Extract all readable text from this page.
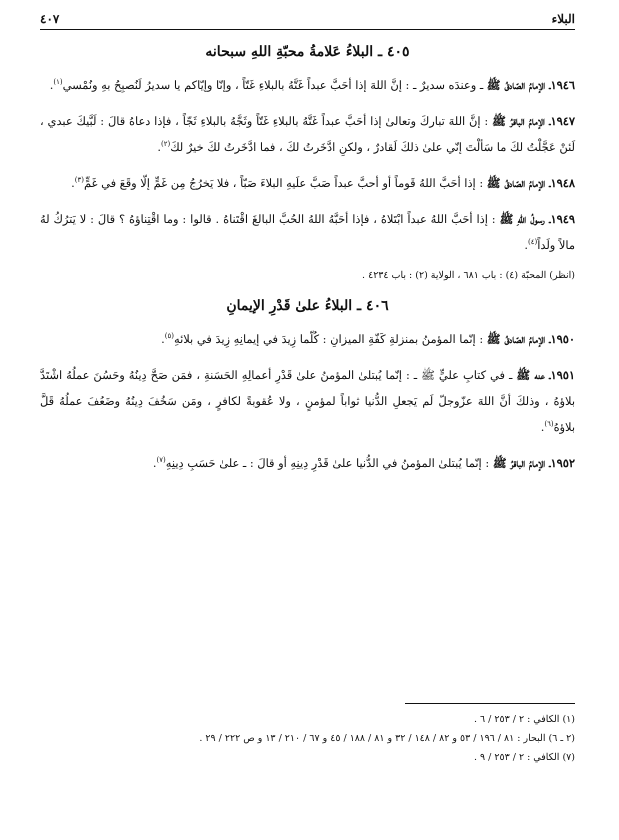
البلاء
٤٠٧
٤٠٥ ـ البلاءُ عَلامةُ محبّةِ اللهِ سبحانه

١٩٤٦ـ الإمامُ الصّادقُ ﷺ ـ وعندَه سديرٌ ـ : إنَّ اللهَ إذا أحَبَّ عبداً غَتَّهُ بالبلاءِ غَتّاً ، وإنّا وإيّاكم يا سديرُ لَنُصبِحُ بهِ ونُمْسي$^{(١)}$.

١٩٤٧ـ الإمامُ الباقرُ ﷺ : إنَّ اللهَ تباركَ وتعالىٰ إذا أحَبَّ عبداً غَتَّهُ بالبلاءِ غَتّاً وثَجَّهُ بالبلاءِ ثَجّاً ، فإذا دعاهُ قالَ : لَبَّيكَ عبدي ، لَئنْ عَجَّلْتُ لكَ ما سَألْتَ إنّي علىٰ ذلكَ لَقادرٌ ، ولكنِ ادَّخَرتُ لكَ ، فما ادَّخَرتُ لكَ خيرٌ لكَ$^{(٢)}$.

١٩٤٨ـ الإمامُ الصّادقُ ﷺ : إذا أحَبَّ اللهُ قَوماً أو أحبَّ عبداً صَبَّ علَيهِ البلاءَ صَبّاً ، فلا يَخرُجُ مِن غَمٍّ إلّا وقَعَ في غَمٍّ$^{(٣)}$.

١٩٤٩ـ رسولُ اللهِ ﷺ : إذا أحَبَّ اللهُ عبداً ابْتَلاهُ ، فإذا أحَبَّهُ اللهُ الحُبَّ البالغَ اقْتَناهُ . قالوا : وما اقْتِناؤهُ ؟ قالَ : لا يَترُكُ لهُ مالاً ولَداً$^{(٤)}$.

(انظر) المحبّة (٤) : باب ٦٨١ ، الولاية (٢) : باب ٤٢٣٤ .

٤٠٦ ـ البلاءُ علىٰ قَدْرِ الإيمانِ

١٩٥٠ـ الإمامُ الصّادقُ ﷺ : إنّما المؤمنُ بمنزلةِ كَفّةِ الميزانِ : كُلّما زِيدَ في إيمانِهِ زِيدَ في بلائهِ$^{(٥)}$.

١٩٥١ـ عنه ﷺ ـ في كتابِ عليٍّ ﷺ ـ : إنّما يُبتلىٰ المؤمنُ علىٰ قَدْرِ أعمالِهِ الحَسَنةِ ، فمَن صَحَّ دِينُهُ وحَسُنَ عملُهُ اشْتَدَّ بلاؤهُ ، وذلكَ أنَّ اللهَ عزّوجلّ لَم يَجعلِ الدُّنيا ثواباً لمؤمنٍ ، ولا عُقوبةً لكافرٍ ، ومَن سَخُفَ دِينُهُ وضَعُفَ عملُهُ قَلَّ بلاؤهُ$^{(٦)}$.

١٩٥٢ـ الإمامُ الباقرُ ﷺ : إنّما يُبتلىٰ المؤمنُ في الدُّنيا علىٰ قَدْرِ دِينِهِ أو قالَ : ـ علىٰ حَسَبِ دِينِهِ$^{(٧)}$.

(١) الكافي : ٢ / ٢٥٣ / ٦ .

(٢ ـ ٦) البحار : ٨١ / ١٩٦ / ٥٣ و ٨٢ / ١٤٨ / ٣٢ و ٨١ / ١٨٨ / ٤٥ و ٦٧ / ٢١٠ / ١٣ و ص ٢٢٢ / ٢٩ .

(٧) الكافي : ٢ / ٢٥٣ / ٩ .
